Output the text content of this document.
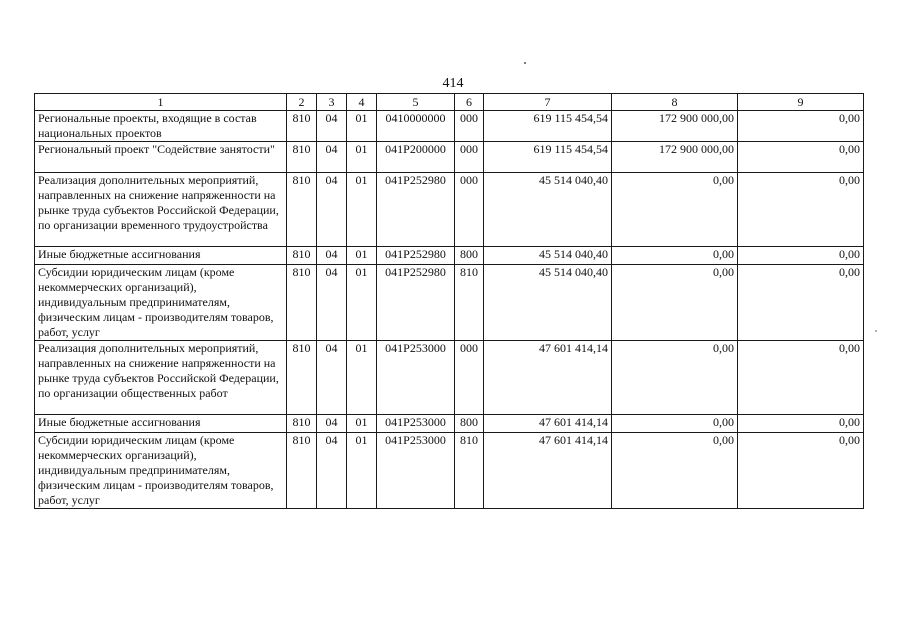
414
1	2	3	4	5	6	7	8	9
Региональные проекты, входящие в состав национальных проектов	810	04	01	0410000000	000	619 115 454,54	172 900 000,00	0,00
Региональный проект "Содействие занятости"	810	04	01	041P200000	000	619 115 454,54	172 900 000,00	0,00
Реализация дополнительных мероприятий, направленных на снижение напряженности на рынке труда субъектов Российской Федерации, по организации временного трудоустройства	810	04	01	041P252980	000	45 514 040,40	0,00	0,00
Иные бюджетные ассигнования	810	04	01	041P252980	800	45 514 040,40	0,00	0,00
Субсидии юридическим лицам (кроме некоммерческих организаций), индивидуальным предпринимателям, физическим лицам - производителям товаров, работ, услуг	810	04	01	041P252980	810	45 514 040,40	0,00	0,00
Реализация дополнительных мероприятий, направленных на снижение напряженности на рынке труда субъектов Российской Федерации, по организации общественных работ	810	04	01	041P253000	000	47 601 414,14	0,00	0,00
Иные бюджетные ассигнования	810	04	01	041P253000	800	47 601 414,14	0,00	0,00
Субсидии юридическим лицам (кроме некоммерческих организаций), индивидуальным предпринимателям, физическим лицам - производителям товаров, работ, услуг	810	04	01	041P253000	810	47 601 414,14	0,00	0,00
